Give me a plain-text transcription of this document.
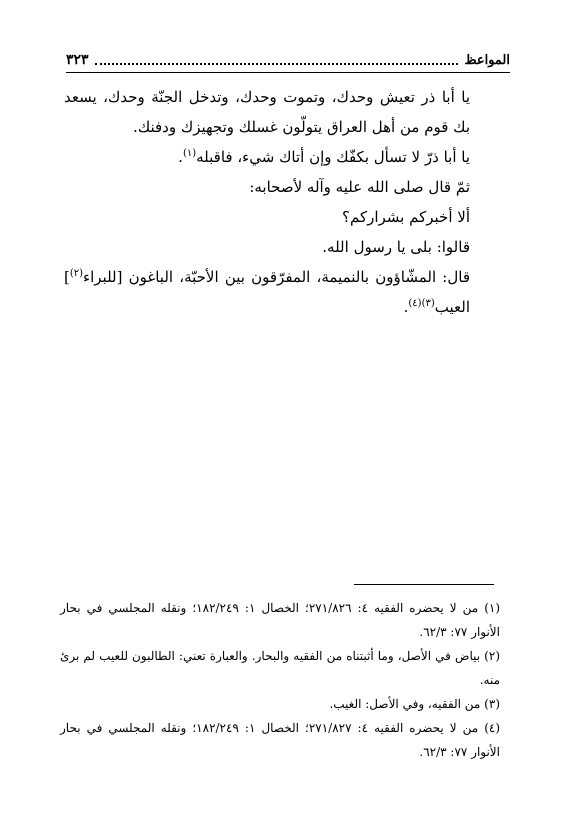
المواعظ
٣٢٣

يا أبا ذر تعيش وحدك، وتموت وحدك، وتدخل الجنّة وحدك، يسعد بك قوم من أهل العراق يتولّون غسلك وتجهيزك ودفنك.

يا أبا ذرّ لا تسأل بكفّك وإن أتاك شيء، فاقبله$^{(١)}$.

ثمّ قال صلى الله عليه وآله لأصحابه:

ألا أخبركم بشراركم؟

قالوا: بلى يا رسول الله.

قال: المشّاؤون بالنميمة، المفرّقون بين الأحبّة، الباغون [للبراء$^{(٢)}$] العيب$^{(٣)(٤)}$.

(١) من لا يحضره الفقيه ٤: ٢٧١/٨٢٦؛ الخصال ١: ١٨٢/٢٤٩؛ ونقله المجلسي في بحار الأنوار ٧٧: ٦٢/٣.

(٢) بياض في الأصل، وما أثبتناه من الفقيه والبحار. والعبارة تعني: الطالبون للعيب لم برئ منه.

(٣) من الفقيه، وفي الأصل: الغيب.

(٤) من لا يحضره الفقيه ٤: ٢٧١/٨٢٧؛ الخصال ١: ١٨٢/٢٤٩؛ ونقله المجلسي في بحار الأنوار ٧٧: ٦٢/٣.
